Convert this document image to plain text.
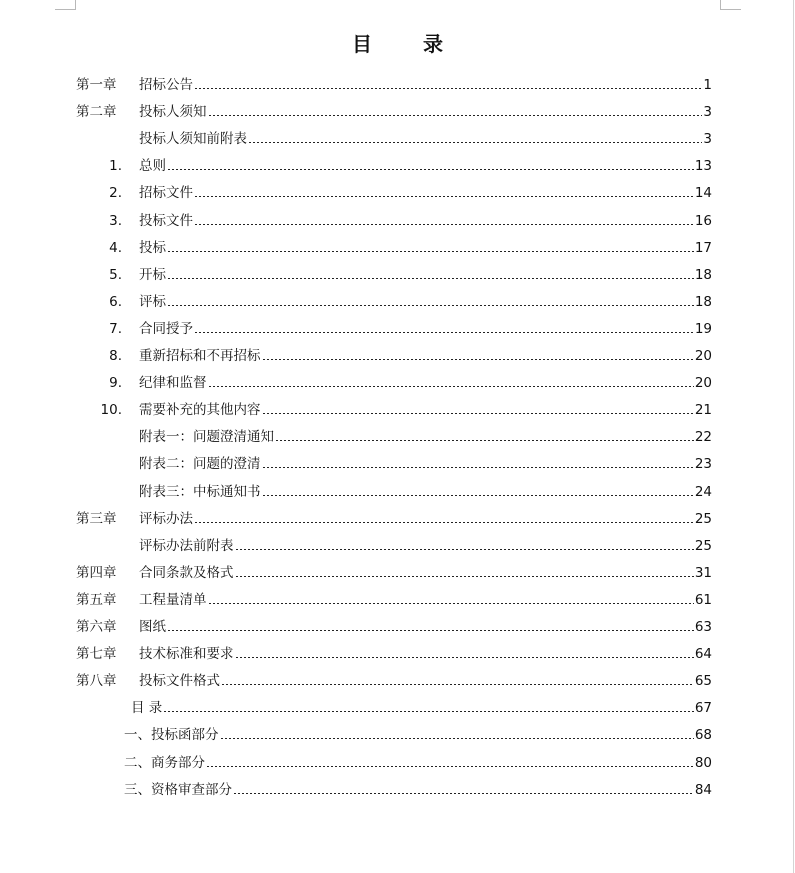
目 录
第一章 招标公告	1
第二章 投标人须知	3
投标人须知前附表	3
1. 总则	13
2. 招标文件	14
3. 投标文件	16
4. 投标	17
5. 开标	18
6. 评标	18
7. 合同授予	19
8. 重新招标和不再招标	20
9. 纪律和监督	20
10. 需要补充的其他内容	21
附表一：问题澄清通知	22
附表二：问题的澄清	23
附表三：中标通知书	24
第三章 评标办法	25
评标办法前附表	25
第四章 合同条款及格式	31
第五章 工程量清单	61
第六章 图纸	63
第七章 技术标准和要求	64
第八章 投标文件格式	65
目 录	67
一、投标函部分	68
二、商务部分	80
三、资格审查部分	84
